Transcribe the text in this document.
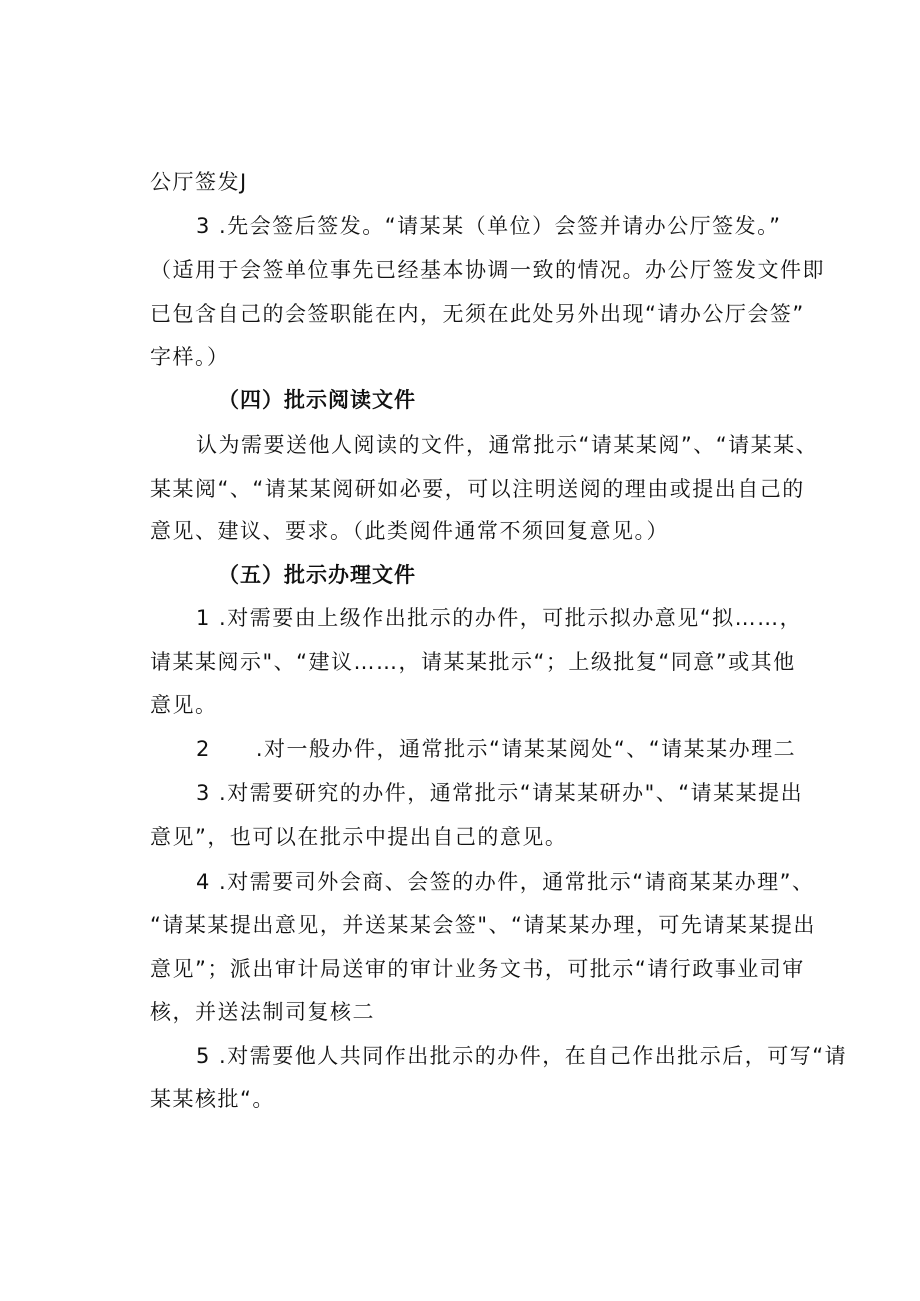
公厅签发J
3 .先会签后签发。“请某某（单位）会签并请办公厅签发。”
（适用于会签单位事先已经基本协调一致的情况。办公厅签发文件即
已包含自己的会签职能在内，无须在此处另外出现“请办公厅会签”
字样。）
（四）批示阅读文件
认为需要送他人阅读的文件，通常批示“请某某阅”、“请某某、
某某阅“、“请某某阅研如必要，可以注明送阅的理由或提出自己的
意见、建议、要求。（此类阅件通常不须回复意见。）
（五）批示办理文件
1 .对需要由上级作出批示的办件，可批示拟办意见“拟……，
请某某阅示"、“建议……，请某某批示“；上级批复“同意”或其他
意见。
2　　.对一般办件，通常批示“请某某阅处“、“请某某办理二
3 .对需要研究的办件，通常批示“请某某研办"、“请某某提出
意见”，也可以在批示中提出自己的意见。
4 .对需要司外会商、会签的办件，通常批示“请商某某办理”、
“请某某提出意见，并送某某会签"、“请某某办理，可先请某某提出
意见”；派出审计局送审的审计业务文书，可批示“请行政事业司审
核，并送法制司复核二
5 .对需要他人共同作出批示的办件，在自己作出批示后，可写“请
某某核批“。
